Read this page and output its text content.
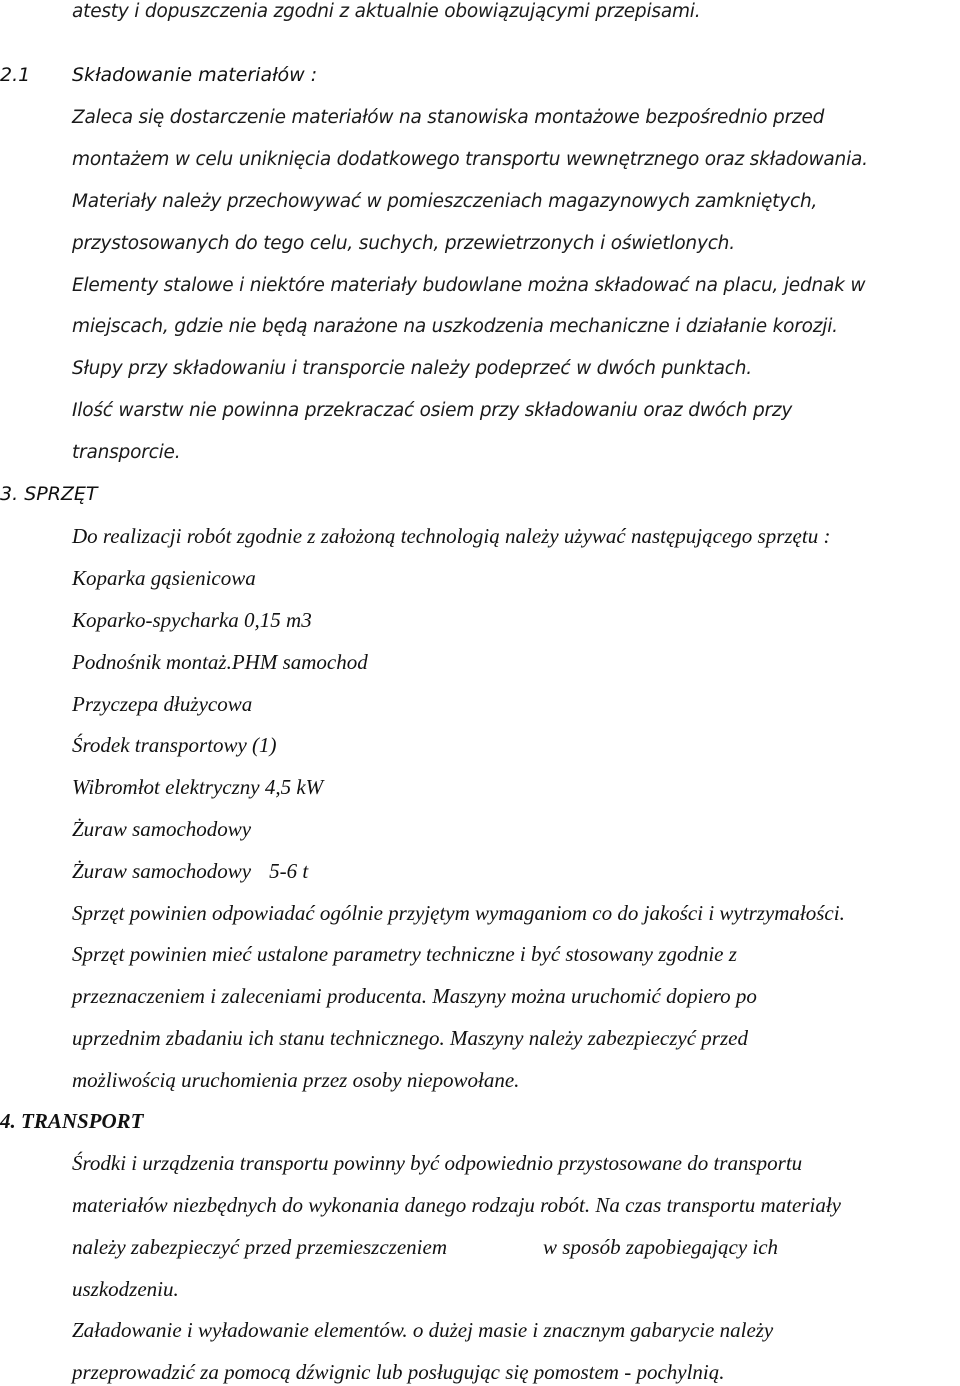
atesty i dopuszczenia zgodni z aktualnie obowiązującymi przepisami.
2.1 Składowanie materiałów :
Zaleca się dostarczenie materiałów na stanowiska montażowe bezpośrednio przed
montażem w celu uniknięcia dodatkowego transportu wewnętrznego oraz składowania.
Materiały należy przechowywać w pomieszczeniach magazynowych zamkniętych,
przystosowanych do tego celu, suchych, przewietrzonych i oświetlonych.
Elementy stalowe i niektóre materiały budowlane można składować na placu, jednak w
miejscach, gdzie nie będą narażone na uszkodzenia mechaniczne i działanie korozji.
Słupy przy składowaniu i transporcie należy podeprzeć w dwóch punktach.
Ilość warstw nie powinna przekraczać osiem przy składowaniu oraz dwóch przy
transporcie.
3. SPRZĘT
Do realizacji robót zgodnie z założoną technologią należy używać następującego sprzętu :
Koparka gąsienicowa
Koparko-spycharka 0,15 m3
Podnośnik montaż.PHM samochod
Przyczepa dłużycowa
Środek transportowy (1)
Wibromłot elektryczny 4,5 kW
Żuraw samochodowy
Żuraw samochodowy 5-6 t
Sprzęt powinien odpowiadać ogólnie przyjętym wymaganiom co do jakości i wytrzymałości.
Sprzęt powinien mieć ustalone parametry techniczne i być stosowany zgodnie z
przeznaczeniem i zaleceniami producenta. Maszyny można uruchomić dopiero po
uprzednim zbadaniu ich stanu technicznego. Maszyny należy zabezpieczyć przed
możliwością uruchomienia przez osoby niepowołane.
4. TRANSPORT
Środki i urządzenia transportu powinny być odpowiednio przystosowane do transportu
materiałów niezbędnych do wykonania danego rodzaju robót. Na czas transportu materiały
należy zabezpieczyć przed przemieszczeniem	w sposób zapobiegający ich
uszkodzeniu.
Załadowanie i wyładowanie elementów. o dużej masie i znacznym gabarycie należy
przeprowadzić za pomocą dźwignic lub posługując się pomostem - pochylnią.
